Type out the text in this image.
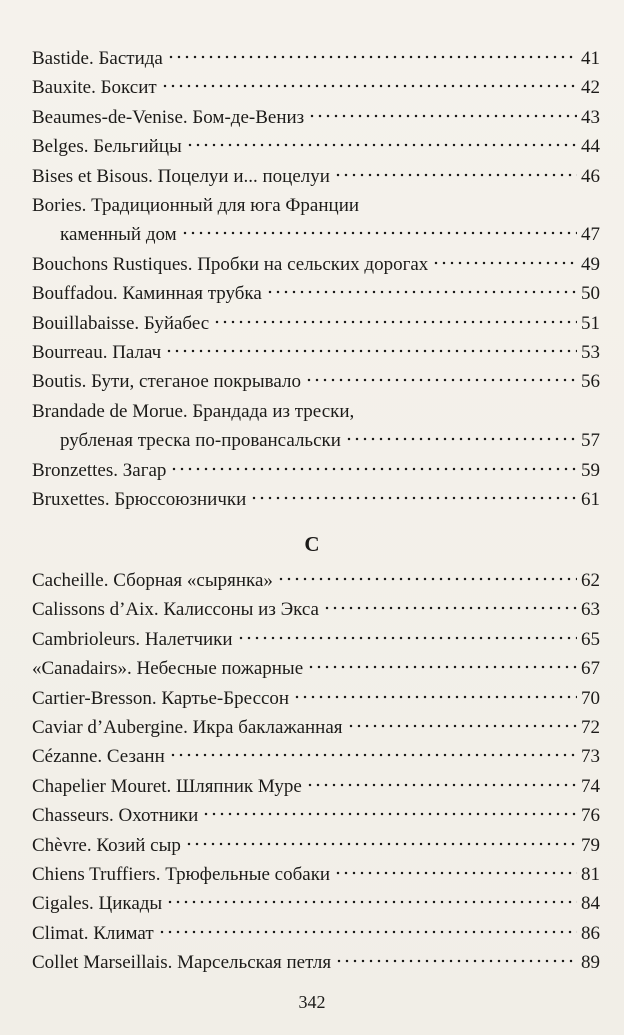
Bastide. Бастида	41
Bauxite. Боксит	42
Beaumes-de-Venise. Бом-де-Вениз	43
Belges. Бельгийцы	44
Bises et Bisous. Поцелуи и... поцелуи	46
Bories. Традиционный для юга Франции
каменный дом	47
Bouchons Rustiques. Пробки на сельских дорогах	49
Bouffadou. Каминная трубка	50
Bouillabaisse. Буйабес	51
Bourreau. Палач	53
Boutis. Бути, стеганое покрывало	56
Brandade de Morue. Брандада из трески,
рубленая треска по-провансальски	57
Bronzettes. Загар	59
Bruxettes. Брюссоюзнички	61
C
Cacheille. Сборная «сырянка»	62
Calissons d’Aix. Калиссоны из Экса	63
Cambrioleurs. Налетчики	65
«Canadairs». Небесные пожарные	67
Cartier-Bresson. Картье-Брессон	70
Caviar d’Aubergine. Икра баклажанная	72
Cézanne. Сезанн	73
Chapelier Mouret. Шляпник Муре	74
Chasseurs. Охотники	76
Chèvre. Козий сыр	79
Chiens Truffiers. Трюфельные собаки	81
Cigales. Цикады	84
Climat. Климат	86
Collet Marseillais. Марсельская петля	89
342
